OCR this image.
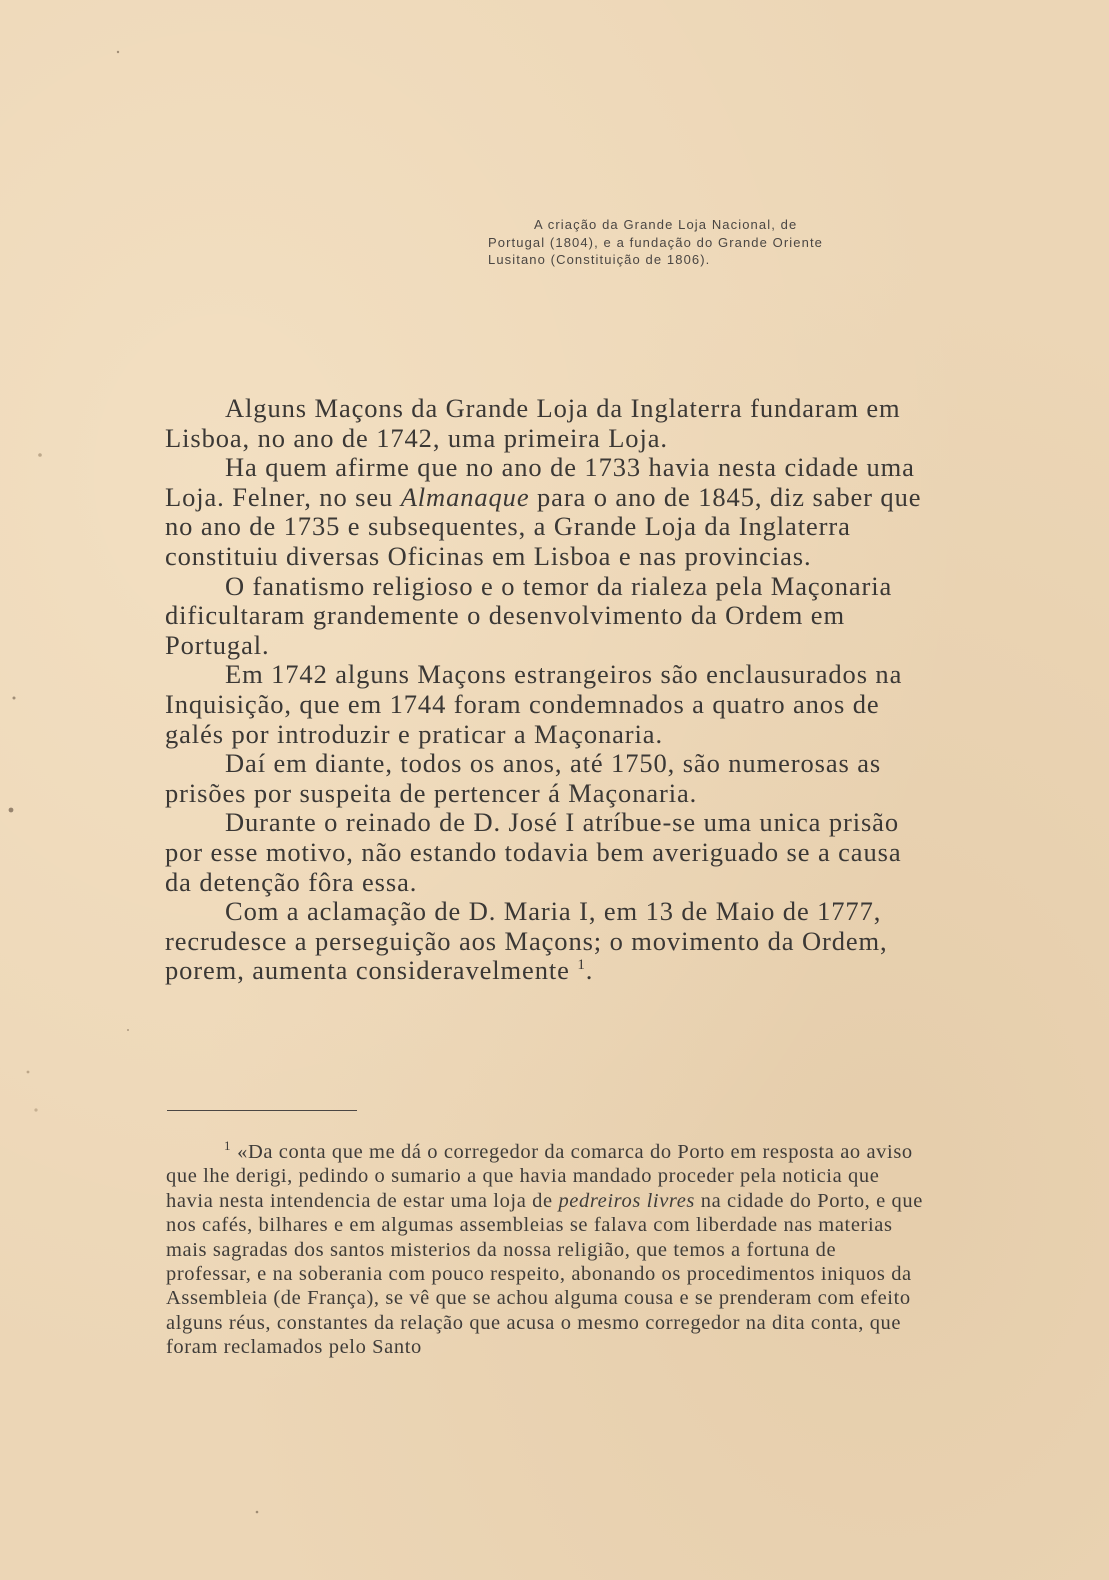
A criação da Grande Loja Nacional, de

Portugal (1804), e a fundação do Grande Oriente

Lusitano (Constituição de 1806).

Alguns Maçons da Grande Loja da Inglaterra fundaram em Lisboa, no ano de 1742, uma primeira Loja.

Ha quem afirme que no ano de 1733 havia nesta cidade uma Loja. Felner, no seu Almanaque para o ano de 1845, diz saber que no ano de 1735 e subsequentes, a Grande Loja da Inglaterra constituiu diversas Oficinas em Lisboa e nas provincias.

O fanatismo religioso e o temor da rialeza pela Maçonaria dificultaram grandemente o desenvolvimento da Ordem em Portugal.

Em 1742 alguns Maçons estrangeiros são enclausurados na Inquisição, que em 1744 foram condemnados a quatro anos de galés por introduzir e praticar a Maçonaria.

Daí em diante, todos os anos, até 1750, são numerosas as prisões por suspeita de pertencer á Maçonaria.

Durante o reinado de D. José I atríbue-se uma unica prisão por esse motivo, não estando todavia bem averiguado se a causa da detenção fôra essa.

Com a aclamação de D. Maria I, em 13 de Maio de 1777, recrudesce a perseguição aos Maçons; o movimento da Ordem, porem, aumenta consideravelmente $^1$.

$^1$ «Da conta que me dá o corregedor da comarca do Porto em resposta ao aviso que lhe derigi, pedindo o sumario a que havia mandado proceder pela noticia que havia nesta intendencia de estar uma loja de pedreiros livres na cidade do Porto, e que nos cafés, bilhares e em algumas assembleias se falava com liberdade nas materias mais sagradas dos santos misterios da nossa religião, que temos a fortuna de professar, e na soberania com pouco respeito, abonando os procedimentos iniquos da Assembleia (de França), se vê que se achou alguma cousa e se prenderam com efeito alguns réus, constantes da relação que acusa o mesmo corregedor na dita conta, que foram reclamados pelo Santo
